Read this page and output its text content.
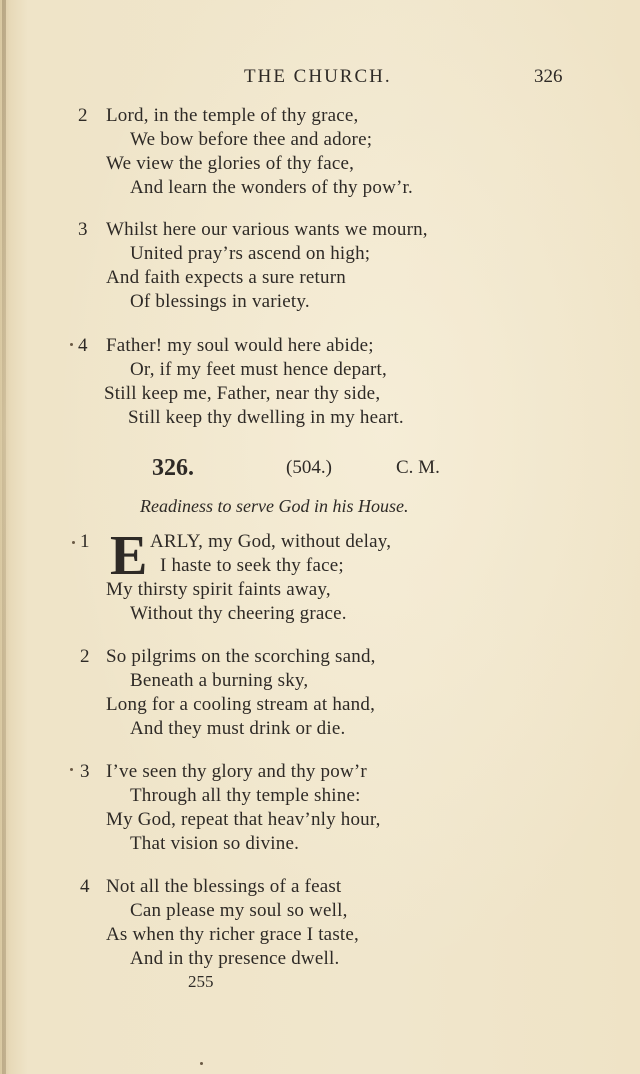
THE CHURCH.	326
2 Lord, in the temple of thy grace,
We bow before thee and adore;
We view the glories of thy face,
And learn the wonders of thy pow’r.
3 Whilst here our various wants we mourn,
United pray’rs ascend on high;
And faith expects a sure return
Of blessings in variety.
4 Father! my soul would here abide;
Or, if my feet must hence depart,
Still keep me, Father, near thy side,
Still keep thy dwelling in my heart.
326.	(504.)	C. M.
Readiness to serve God in his House.
1 E ARLY, my God, without delay,
I haste to seek thy face;
My thirsty spirit faints away,
Without thy cheering grace.
2 So pilgrims on the scorching sand,
Beneath a burning sky,
Long for a cooling stream at hand,
And they must drink or die.
3 I’ve seen thy glory and thy pow’r
Through all thy temple shine:
My God, repeat that heav’nly hour,
That vision so divine.
4 Not all the blessings of a feast
Can please my soul so well,
As when thy richer grace I taste,
And in thy presence dwell.
255
